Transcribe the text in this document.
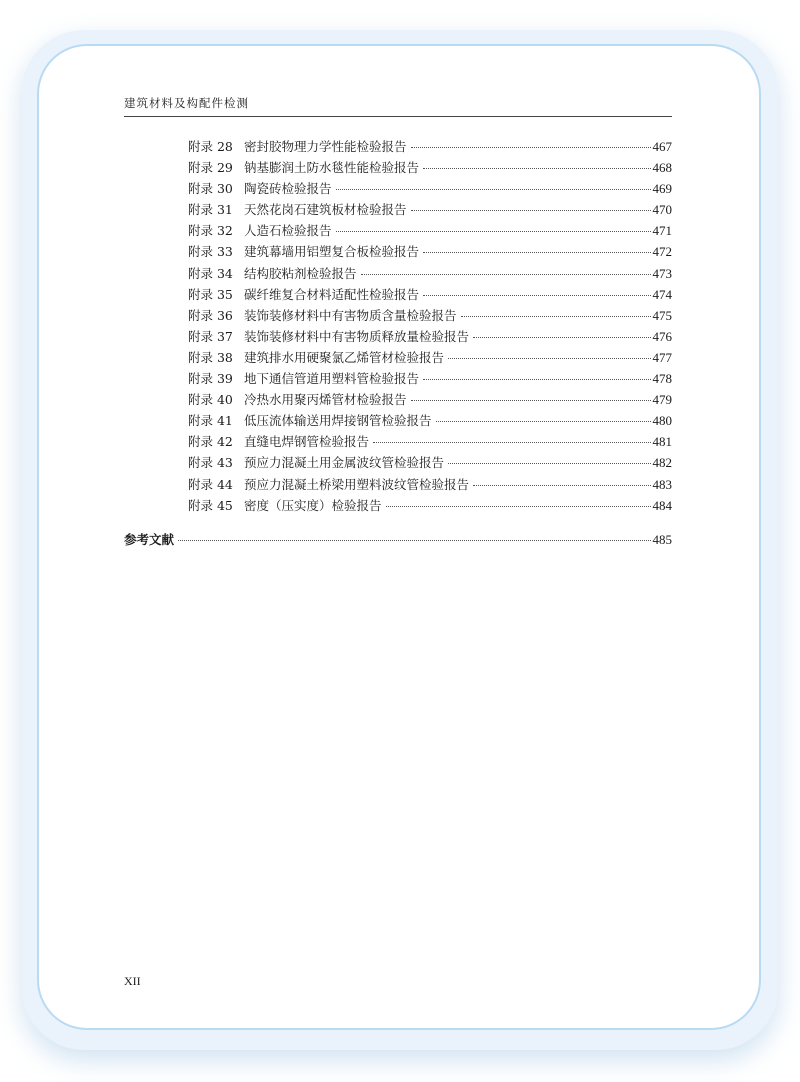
建筑材料及构配件检测
附录 28 密封胶物理力学性能检验报告	467
附录 29 钠基膨润土防水毯性能检验报告	468
附录 30 陶瓷砖检验报告	469
附录 31 天然花岗石建筑板材检验报告	470
附录 32 人造石检验报告	471
附录 33 建筑幕墙用铝塑复合板检验报告	472
附录 34 结构胶粘剂检验报告	473
附录 35 碳纤维复合材料适配性检验报告	474
附录 36 装饰装修材料中有害物质含量检验报告	475
附录 37 装饰装修材料中有害物质释放量检验报告	476
附录 38 建筑排水用硬聚氯乙烯管材检验报告	477
附录 39 地下通信管道用塑料管检验报告	478
附录 40 冷热水用聚丙烯管材检验报告	479
附录 41 低压流体输送用焊接钢管检验报告	480
附录 42 直缝电焊钢管检验报告	481
附录 43 预应力混凝土用金属波纹管检验报告	482
附录 44 预应力混凝土桥梁用塑料波纹管检验报告	483
附录 45 密度（压实度）检验报告	484
参考文献	485
XII
